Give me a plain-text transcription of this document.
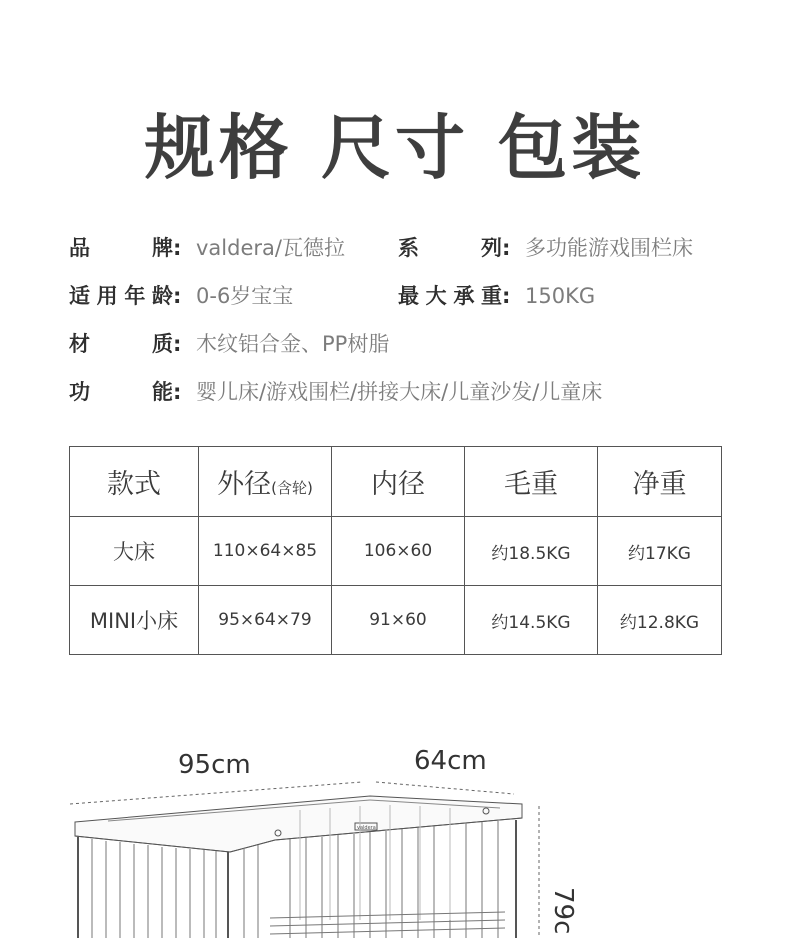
规格 尺寸 包装
品牌 : valdera/瓦德拉	系列 : 多功能游戏围栏床
适用年龄 : 0-6岁宝宝	最大承重 : 150KG
材质 : 木纹铝合金、PP树脂
功能 : 婴儿床/游戏围栏/拼接大床/儿童沙发/儿童床
款式	外径(含轮)	内径	毛重	净重
大床	110×64×85	106×60	约18.5KG	约17KG
MINI小床	95×64×79	91×60	约14.5KG	约12.8KG
95cm	64cm
79c
valdera
